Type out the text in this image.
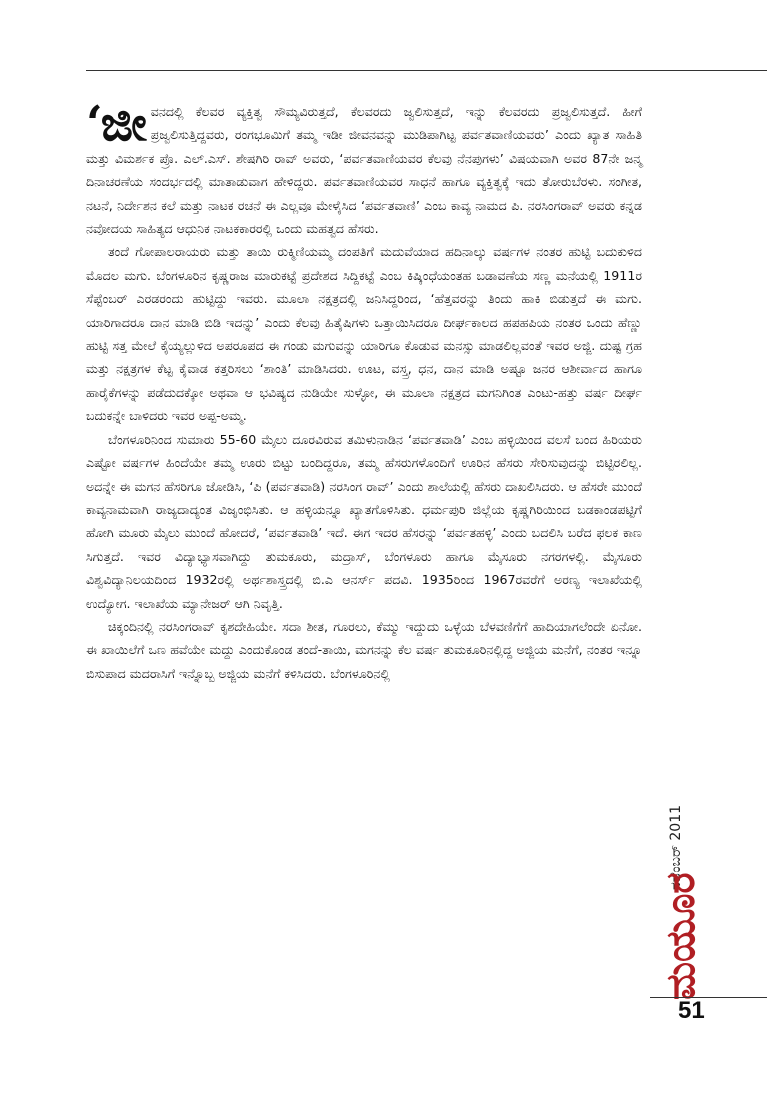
‘ಜೀವನದಲ್ಲಿ ಕೆಲವರ ವ್ಯಕ್ತಿತ್ವ ಸೌಮ್ಯವಿರುತ್ತದೆ, ಕೆಲವರದು ಜ್ವಲಿಸುತ್ತದೆ, ಇನ್ನು ಕೆಲವರದು ಪ್ರಜ್ವಲಿಸುತ್ತದೆ. ಹೀಗೆ ಪ್ರಜ್ವಲಿಸುತ್ತಿದ್ದವರು, ರಂಗಭೂಮಿಗೆ ತಮ್ಮ ಇಡೀ ಜೀವನವನ್ನು ಮುಡಿಪಾಗಿಟ್ಟ ಪರ್ವತವಾಣಿಯವರು’ ಎಂದು ಖ್ಯಾತ ಸಾಹಿತಿ ಮತ್ತು ವಿಮರ್ಶಕ ಪ್ರೊ. ಎಲ್.ಎಸ್. ಶೇಷಗಿರಿ ರಾವ್ ಅವರು, ‘ಪರ್ವತವಾಣಿಯವರ ಕೆಲವು ನೆನಪುಗಳು’ ವಿಷಯವಾಗಿ ಅವರ 87ನೇ ಜನ್ಮ ದಿನಾಚರಣೆಯ ಸಂದರ್ಭದಲ್ಲಿ ಮಾತಾಡುವಾಗ ಹೇಳಿದ್ದರು. ಪರ್ವತವಾಣಿಯವರ ಸಾಧನೆ ಹಾಗೂ ವ್ಯಕ್ತಿತ್ವಕ್ಕೆ ಇದು ತೋರುಬೆರಳು. ಸಂಗೀತ, ನಟನೆ, ನಿರ್ದೇಶನ ಕಲೆ ಮತ್ತು ನಾಟಕ ರಚನೆ ಈ ಎಲ್ಲವೂ ಮೇಳೈಸಿದ ‘ಪರ್ವತವಾಣಿ’ ಎಂಬ ಕಾವ್ಯ ನಾಮದ ಪಿ. ನರಸಿಂಗರಾವ್ ಅವರು ಕನ್ನಡ ನವೋದಯ ಸಾಹಿತ್ಯದ ಆಧುನಿಕ ನಾಟಕಕಾರರಲ್ಲಿ ಒಂದು ಮಹತ್ವದ ಹೆಸರು.

ತಂದೆ ಗೋಪಾಲರಾಯರು ಮತ್ತು ತಾಯಿ ರುಕ್ಮಿಣಿಯಮ್ಮ ದಂಪತಿಗೆ ಮದುವೆಯಾದ ಹದಿನಾಲ್ಕು ವರ್ಷಗಳ ನಂತರ ಹುಟ್ಟಿ ಬದುಕುಳಿದ ಮೊದಲ ಮಗು. ಬೆಂಗಳೂರಿನ ಕೃಷ್ಣರಾಜ ಮಾರುಕಟ್ಟೆ ಪ್ರದೇಶದ ಸಿದ್ದಿಕಟ್ಟೆ ಎಂಬ ಕಿಷ್ಕಿಂಧೆಯಂತಹ ಬಡಾವಣೆಯ ಸಣ್ಣ ಮನೆಯಲ್ಲಿ 1911ರ ಸೆಪ್ಟೆಂಬರ್ ಎರಡರಂದು ಹುಟ್ಟಿದ್ದು ಇವರು. ಮೂಲಾ ನಕ್ಷತ್ರದಲ್ಲಿ ಜನಿಸಿದ್ದರಿಂದ, ‘ಹೆತ್ತವರನ್ನು ತಿಂದು ಹಾಕಿ ಬಿಡುತ್ತದೆ ಈ ಮಗು. ಯಾರಿಗಾದರೂ ದಾನ ಮಾಡಿ ಬಿಡಿ ಇದನ್ನು’ ಎಂದು ಕೆಲವು ಹಿತೈಷಿಗಳು ಒತ್ತಾಯಿಸಿದರೂ ದೀರ್ಘಕಾಲದ ಹಪಹಪಿಯ ನಂತರ ಒಂದು ಹೆಣ್ಣು ಹುಟ್ಟಿ ಸತ್ತ ಮೇಲೆ ಕೈಯ್ಯಲ್ಲುಳಿದ ಅಪರೂಪದ ಈ ಗಂಡು ಮಗುವನ್ನು ಯಾರಿಗೂ ಕೊಡುವ ಮನಸ್ಸು ಮಾಡಲಿಲ್ಲವಂತೆ ಇವರ ಅಜ್ಜಿ. ದುಷ್ಟ ಗ್ರಹ ಮತ್ತು ನಕ್ಷತ್ರಗಳ ಕೆಟ್ಟ ಕೈವಾಡ ಕತ್ತರಿಸಲು ‘ಶಾಂತಿ’ ಮಾಡಿಸಿದರು. ಊಟ, ವಸ್ತ್ರ, ಧನ, ದಾನ ಮಾಡಿ ಅಷ್ಟೂ ಜನರ ಆಶೀರ್ವಾದ ಹಾಗೂ ಹಾರೈಕೆಗಳನ್ನು ಪಡೆದುದಕ್ಕೋ ಅಥವಾ ಆ ಭವಿಷ್ಯದ ನುಡಿಯೇ ಸುಳ್ಳೋ, ಈ ಮೂಲಾ ನಕ್ಷತ್ರದ ಮಗನಿಗಿಂತ ಎಂಟು-ಹತ್ತು ವರ್ಷ ದೀರ್ಘ ಬದುಕನ್ನೇ ಬಾಳಿದರು ಇವರ ಅಪ್ಪ-ಅಮ್ಮ.

ಬೆಂಗಳೂರಿನಿಂದ ಸುಮಾರು 55-60 ಮೈಲು ದೂರವಿರುವ ತಮಿಳುನಾಡಿನ ‘ಪರ್ವತವಾಡಿ’ ಎಂಬ ಹಳ್ಳಿಯಿಂದ ವಲಸೆ ಬಂದ ಹಿರಿಯರು ಎಷ್ಟೋ ವರ್ಷಗಳ ಹಿಂದೆಯೇ ತಮ್ಮ ಊರು ಬಿಟ್ಟು ಬಂದಿದ್ದರೂ, ತಮ್ಮ ಹೆಸರುಗಳೊಂದಿಗೆ ಊರಿನ ಹೆಸರು ಸೇರಿಸುವುದನ್ನು ಬಿಟ್ಟಿರಲಿಲ್ಲ. ಅದನ್ನೇ ಈ ಮಗನ ಹೆಸರಿಗೂ ಜೋಡಿಸಿ, ‘ಪಿ (ಪರ್ವತವಾಡಿ) ನರಸಿಂಗ ರಾವ್’ ಎಂದು ಶಾಲೆಯಲ್ಲಿ ಹೆಸರು ದಾಖಲಿಸಿದರು. ಆ ಹೆಸರೇ ಮುಂದೆ ಕಾವ್ಯನಾಮವಾಗಿ ರಾಜ್ಯದಾದ್ಯಂತ ವಿಜೃಂಭಿಸಿತು. ಆ ಹಳ್ಳಿಯನ್ನೂ ಖ್ಯಾತಗೊಳಿಸಿತು. ಧರ್ಮಪುರಿ ಜಿಲ್ಲೆಯ ಕೃಷ್ಣಗಿರಿಯಿಂದ ಬಡಕಾಂಡಪಟ್ಟಿಗೆ ಹೋಗಿ ಮೂರು ಮೈಲು ಮುಂದೆ ಹೋದರೆ, ‘ಪರ್ವತವಾಡಿ’ ಇದೆ. ಈಗ ಇದರ ಹೆಸರನ್ನು ‘ಪರ್ವತಹಳ್ಳಿ’ ಎಂದು ಬದಲಿಸಿ ಬರೆದ ಫಲಕ ಕಾಣ ಸಿಗುತ್ತದೆ. ಇವರ ವಿದ್ಯಾಭ್ಯಾಸವಾಗಿದ್ದು ತುಮಕೂರು, ಮದ್ರಾಸ್, ಬೆಂಗಳೂರು ಹಾಗೂ ಮೈಸೂರು ನಗರಗಳಲ್ಲಿ. ಮೈಸೂರು ವಿಶ್ವವಿದ್ಯಾನಿಲಯದಿಂದ 1932ರಲ್ಲಿ ಅರ್ಥಶಾಸ್ತ್ರದಲ್ಲಿ ಬಿ.ಎ ಆನರ್ಸ್ ಪದವಿ. 1935ರಿಂದ 1967ರವರೆಗೆ ಅರಣ್ಯ ಇಲಾಖೆಯಲ್ಲಿ ಉದ್ಯೋಗ. ಇಲಾಖೆಯ ಮ್ಯಾನೇಜರ್ ಆಗಿ ನಿವೃತ್ತಿ.

ಚಿಕ್ಕಂದಿನಲ್ಲಿ ನರಸಿಂಗರಾವ್ ಕೃಶದೇಹಿಯೇ. ಸದಾ ಶೀತ, ಗೂರಲು, ಕೆಮ್ಮು ಇದ್ದುದು ಒಳ್ಳೆಯ ಬೆಳವಣಿಗೆಗೆ ಹಾದಿಯಾಗಲೆಂದೇ ಏನೋ. ಈ ಖಾಯಿಲೆಗೆ ಒಣ ಹವೆಯೇ ಮದ್ದು ಎಂದುಕೊಂಡ ತಂದೆ-ತಾಯಿ, ಮಗನನ್ನು ಕೆಲ ವರ್ಷ ತುಮಕೂರಿನಲ್ಲಿದ್ದ ಅಜ್ಜಿಯ ಮನೆಗೆ, ನಂತರ ಇನ್ನೂ ಬಿಸುಪಾದ ಮದರಾಸಿಗೆ ಇನ್ನೊಬ್ಬ ಅಜ್ಜಿಯ ಮನೆಗೆ ಕಳಿಸಿದರು. ಬೆಂಗಳೂರಿನಲ್ಲಿ

ನವೆಂಬರ್ 2011
ಮಯೂರ
51
